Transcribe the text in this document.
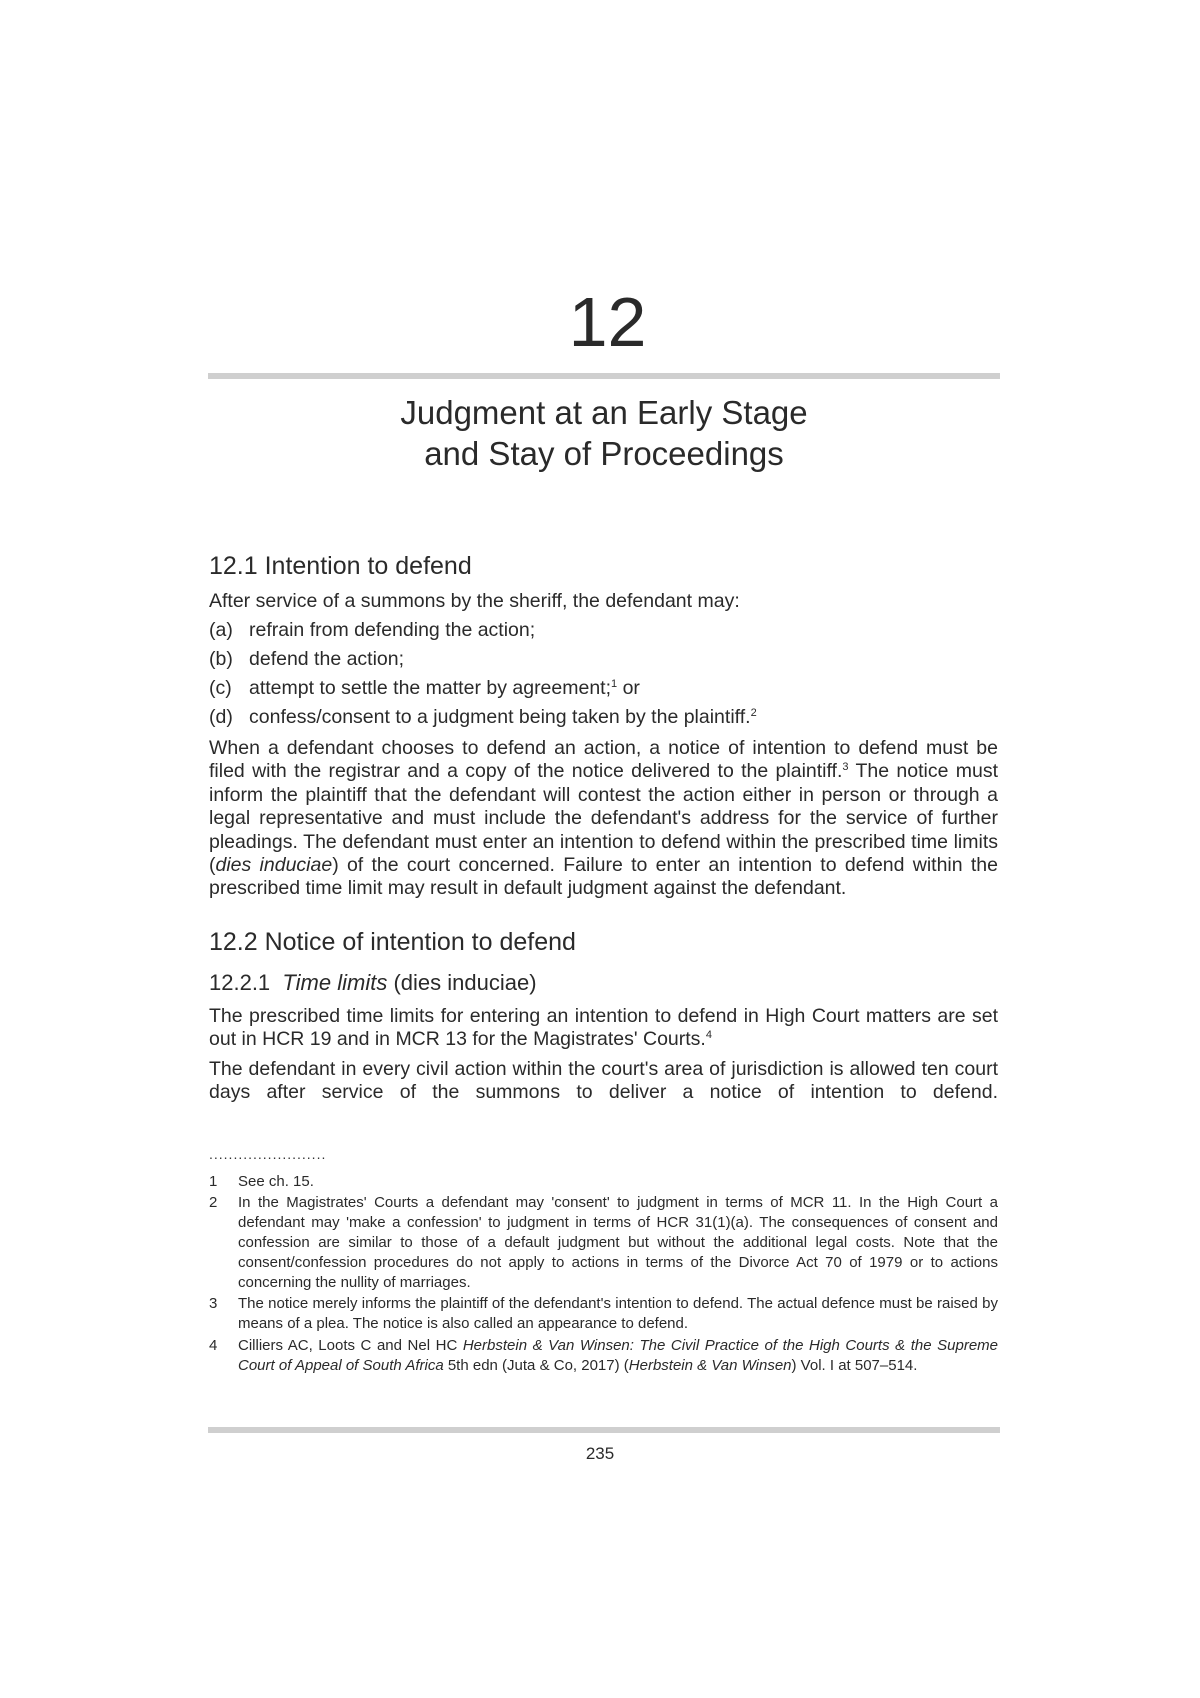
12
Judgment at an Early Stage
and Stay of Proceedings
12.1 Intention to defend
After service of a summons by the sheriff, the defendant may:
(a) refrain from defending the action;
(b) defend the action;
(c) attempt to settle the matter by agreement;$^1$ or
(d) confess/consent to a judgment being taken by the plaintiff.$^2$

When a defendant chooses to defend an action, a notice of intention to defend must be filed with the registrar and a copy of the notice delivered to the plaintiff.$^3$ The notice must inform the plaintiff that the defendant will contest the action either in person or through a legal representative and must include the defendant's address for the service of further pleadings. The defendant must enter an intention to defend within the prescribed time limits (dies induciae) of the court concerned. Failure to enter an intention to defend within the prescribed time limit may result in default judgment against the defendant.

12.2 Notice of intention to defend
12.2.1 Time limits (dies induciae)

The prescribed time limits for entering an intention to defend in High Court matters are set out in HCR 19 and in MCR 13 for the Magistrates' Courts.$^4$

The defendant in every civil action within the court's area of jurisdiction is allowed ten court days after service of the summons to deliver a notice of intention to defend.
........................
1	See ch. 15.
2	In the Magistrates' Courts a defendant may 'consent' to judgment in terms of MCR 11. In the High Court a defendant may 'make a confession' to judgment in terms of HCR 31(1)(a). The consequences of consent and confession are similar to those of a default judgment but without the additional legal costs. Note that the consent/confession procedures do not apply to actions in terms of the Divorce Act 70 of 1979 or to actions concerning the nullity of marriages.
3	The notice merely informs the plaintiff of the defendant's intention to defend. The actual defence must be raised by means of a plea. The notice is also called an appearance to defend.
4	Cilliers AC, Loots C and Nel HC Herbstein & Van Winsen: The Civil Practice of the High Courts & the Supreme Court of Appeal of South Africa 5th edn (Juta & Co, 2017) (Herbstein & Van Winsen) Vol. I at 507–514.
235
